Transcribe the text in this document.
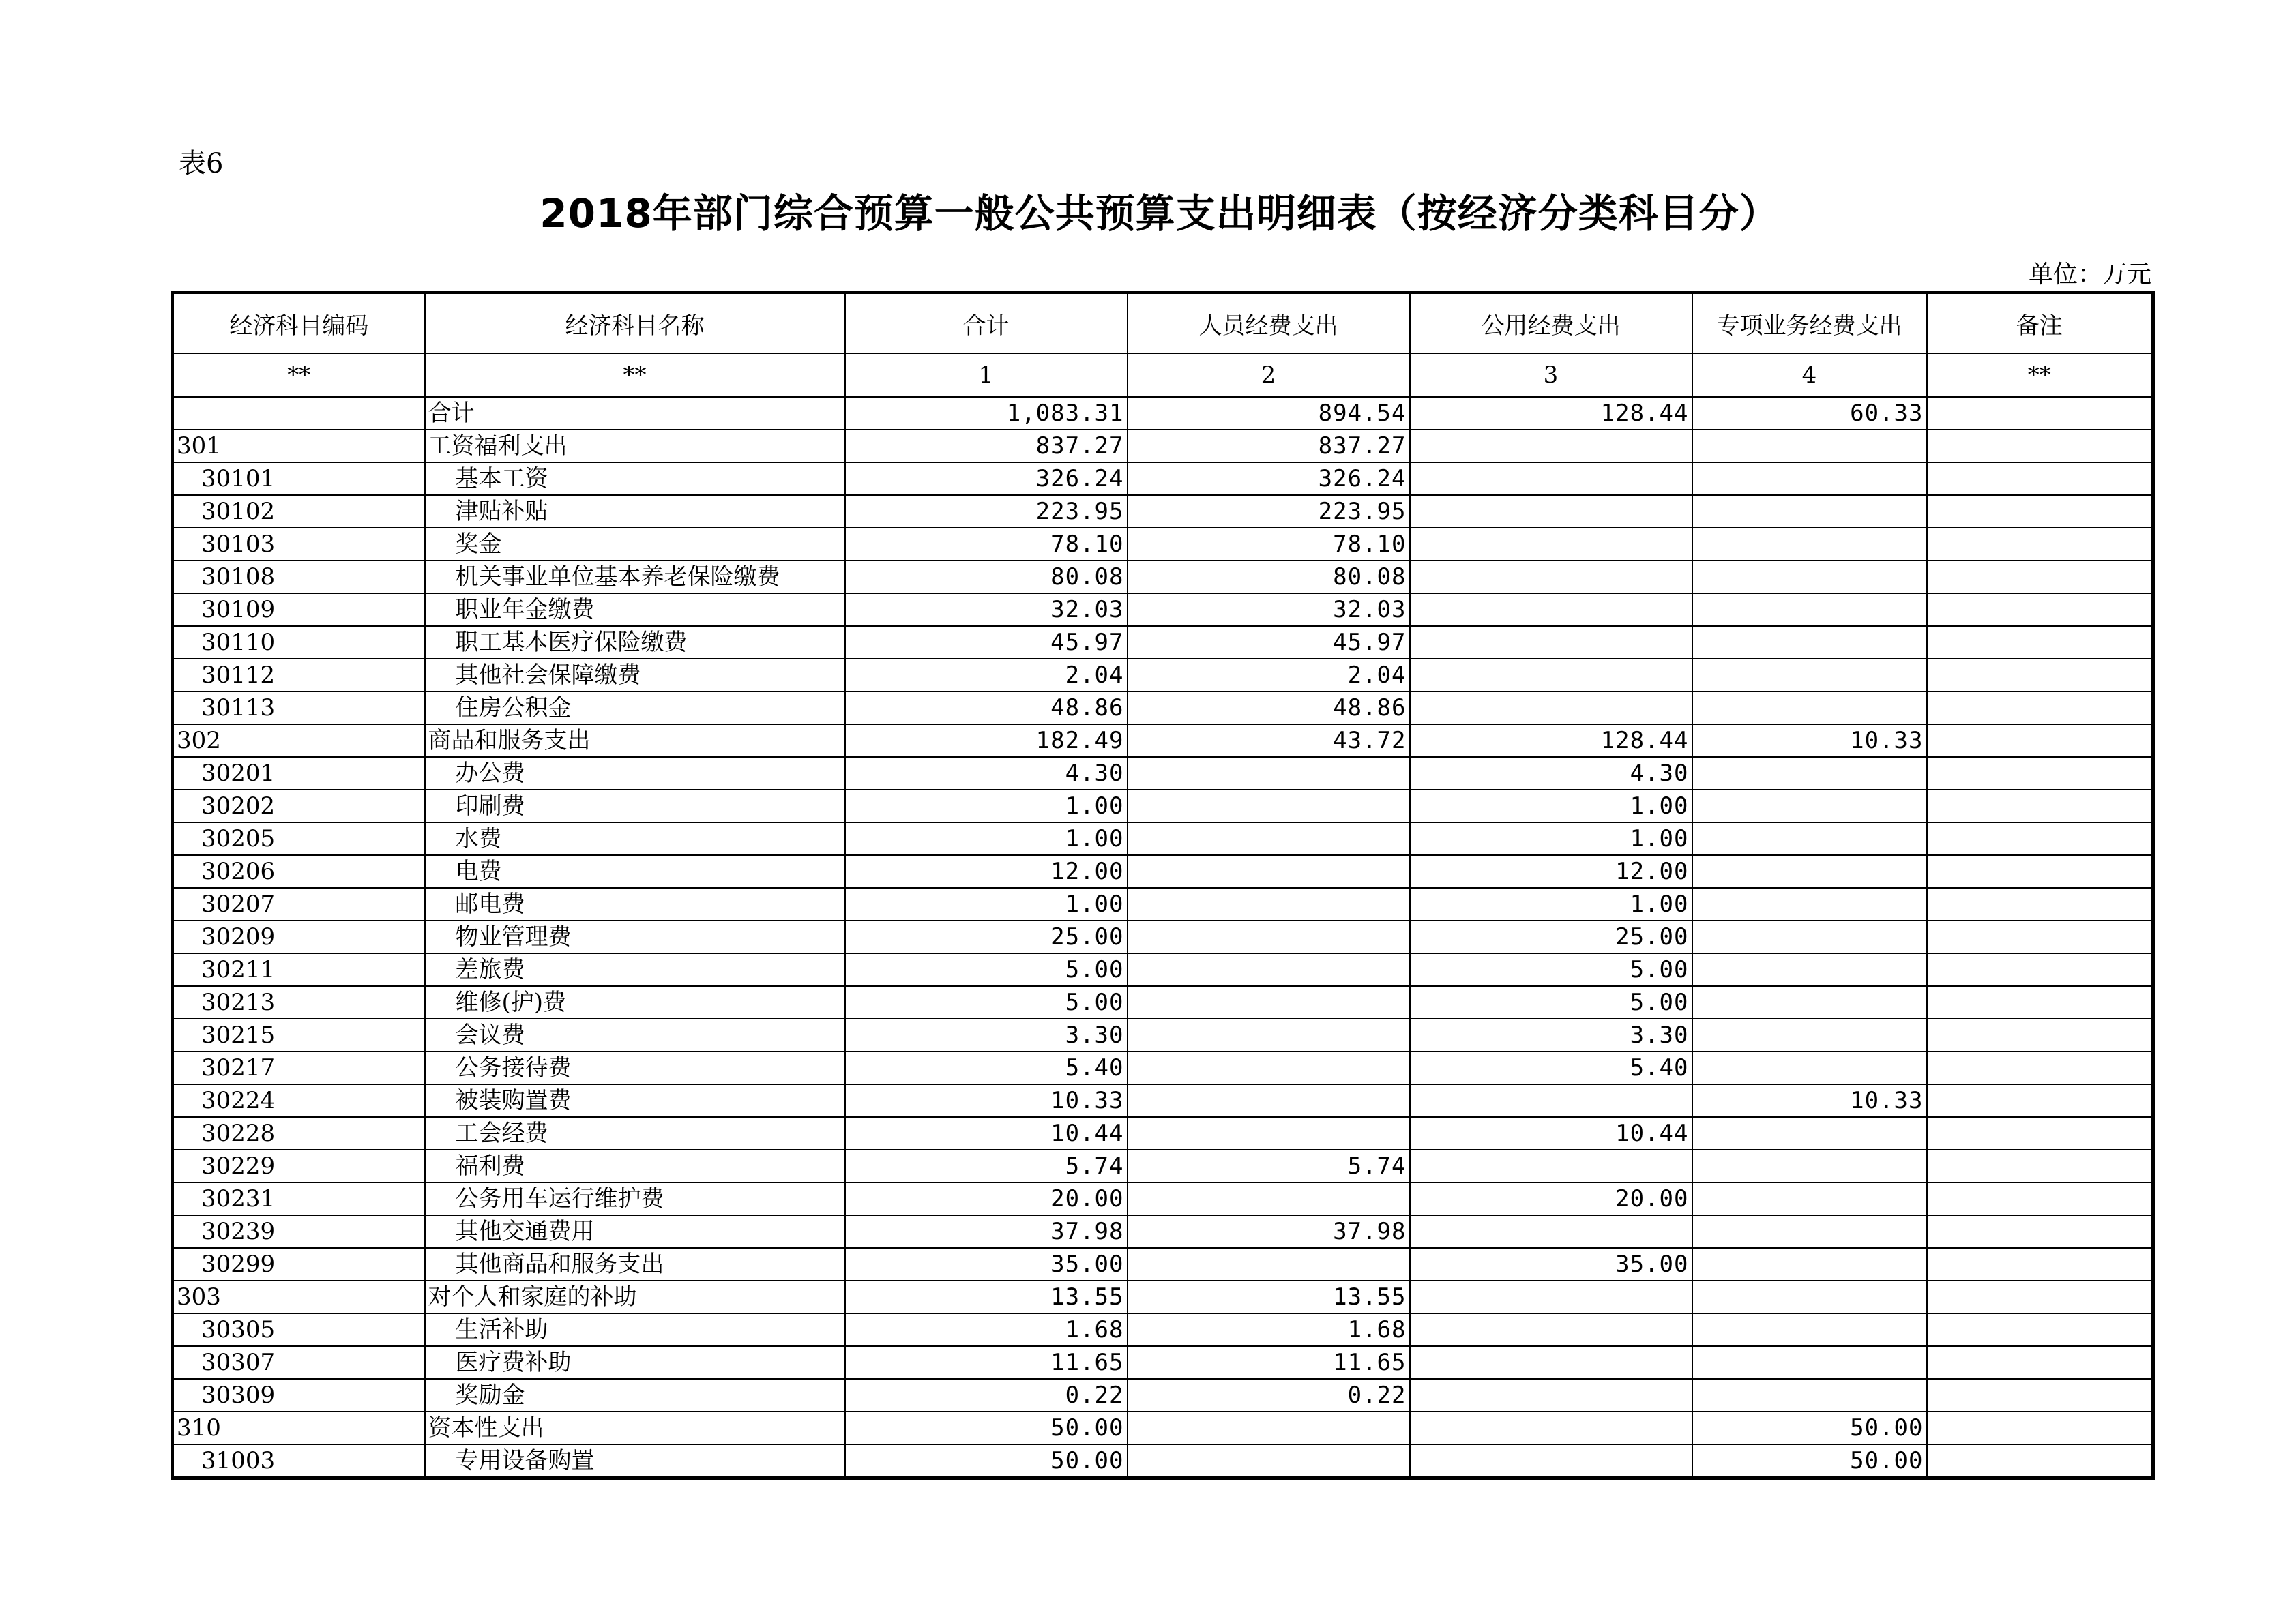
表6
2018年部门综合预算一般公共预算支出明细表（按经济分类科目分）
单位：万元
经济科目编码	经济科目名称	合计	人员经费支出	公用经费支出	专项业务经费支出	备注
**	**	1	2	3	4	**
	合计	1,083.31	894.54	128.44	60.33	
301	工资福利支出	837.27	837.27			
30101	基本工资	326.24	326.24			
30102	津贴补贴	223.95	223.95			
30103	奖金	78.10	78.10			
30108	机关事业单位基本养老保险缴费	80.08	80.08			
30109	职业年金缴费	32.03	32.03			
30110	职工基本医疗保险缴费	45.97	45.97			
30112	其他社会保障缴费	2.04	2.04			
30113	住房公积金	48.86	48.86			
302	商品和服务支出	182.49	43.72	128.44	10.33	
30201	办公费	4.30		4.30		
30202	印刷费	1.00		1.00		
30205	水费	1.00		1.00		
30206	电费	12.00		12.00		
30207	邮电费	1.00		1.00		
30209	物业管理费	25.00		25.00		
30211	差旅费	5.00		5.00		
30213	维修(护)费	5.00		5.00		
30215	会议费	3.30		3.30		
30217	公务接待费	5.40		5.40		
30224	被装购置费	10.33			10.33	
30228	工会经费	10.44		10.44		
30229	福利费	5.74	5.74			
30231	公务用车运行维护费	20.00		20.00		
30239	其他交通费用	37.98	37.98			
30299	其他商品和服务支出	35.00		35.00		
303	对个人和家庭的补助	13.55	13.55			
30305	生活补助	1.68	1.68			
30307	医疗费补助	11.65	11.65			
30309	奖励金	0.22	0.22			
310	资本性支出	50.00			50.00	
31003	专用设备购置	50.00			50.00	
